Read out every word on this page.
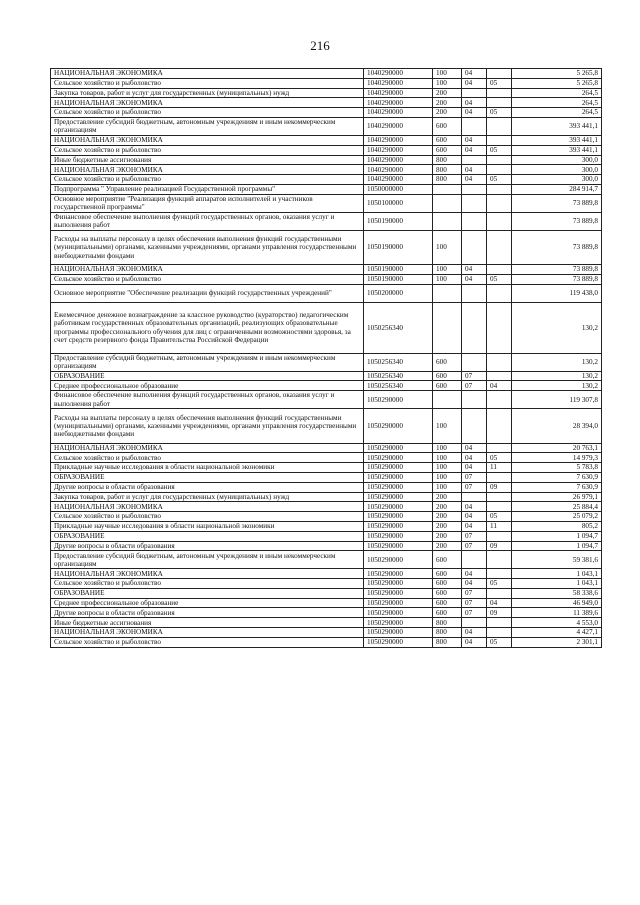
216
НАЦИОНАЛЬНАЯ ЭКОНОМИКА	1040290000	100	04		5 265,8
Сельское хозяйство и рыболовство	1040290000	100	04	05	5 265,8
Закупка товаров, работ и услуг для государственных (муниципальных) нужд	1040290000	200			264,5
НАЦИОНАЛЬНАЯ ЭКОНОМИКА	1040290000	200	04		264,5
Сельское хозяйство и рыболовство	1040290000	200	04	05	264,5
Предоставление субсидий бюджетным, автономным учреждениям и иным некоммерческим организациям	1040290000	600			393 441,1
НАЦИОНАЛЬНАЯ ЭКОНОМИКА	1040290000	600	04		393 441,1
Сельское хозяйство и рыболовство	1040290000	600	04	05	393 441,1
Иные бюджетные ассигнования	1040290000	800			300,0
НАЦИОНАЛЬНАЯ ЭКОНОМИКА	1040290000	800	04		300,0
Сельское хозяйство и рыболовство	1040290000	800	04	05	300,0
Подпрограмма " Управление реализацией Государственной программы"	1050000000				284 914,7
Основное мероприятие "Реализация функций аппаратов исполнителей и участников государственной программы"	1050100000				73 889,8
Финансовое обеспечение выполнения функций государственных органов, оказания услуг и выполнения работ	1050190000				73 889,8
Расходы на выплаты персоналу в целях обеспечения выполнения функций государственными (муниципальными) органами, казенными учреждениями, органами управления государственными внебюджетными фондами	1050190000	100			73 889,8
НАЦИОНАЛЬНАЯ ЭКОНОМИКА	1050190000	100	04		73 889,8
Сельское хозяйство и рыболовство	1050190000	100	04	05	73 889,8
Основное мероприятие "Обеспечение реализации функций государственных учреждений"	1050200000				119 438,0
Ежемесячное денежное вознаграждение за классное руководство (кураторство) педагогическим работникам государственных образовательных организаций, реализующих образовательные программы профессионального обучения для лиц с ограниченными возможностями здоровья, за счет средств резервного фонда Правительства Российской Федерации	1050256340				130,2
Предоставление субсидий бюджетным, автономным учреждениям и иным некоммерческим организациям	1050256340	600			130,2
ОБРАЗОВАНИЕ	1050256340	600	07		130,2
Среднее профессиональное образование	1050256340	600	07	04	130,2
Финансовое обеспечение выполнения функций государственных органов, оказания услуг и выполнения работ	1050290000				119 307,8
Расходы на выплаты персоналу в целях обеспечения выполнения функций государственными (муниципальными) органами, казенными учреждениями, органами управления государственными внебюджетными фондами	1050290000	100			28 394,0
НАЦИОНАЛЬНАЯ ЭКОНОМИКА	1050290000	100	04		20 763,1
Сельское хозяйство и рыболовство	1050290000	100	04	05	14 979,3
Прикладные научные исследования в области национальной экономики	1050290000	100	04	11	5 783,8
ОБРАЗОВАНИЕ	1050290000	100	07		7 630,9
Другие вопросы в области образования	1050290000	100	07	09	7 630,9
Закупка товаров, работ и услуг для государственных (муниципальных) нужд	1050290000	200			26 979,1
НАЦИОНАЛЬНАЯ ЭКОНОМИКА	1050290000	200	04		25 884,4
Сельское хозяйство и рыболовство	1050290000	200	04	05	25 079,2
Прикладные научные исследования в области национальной экономики	1050290000	200	04	11	805,2
ОБРАЗОВАНИЕ	1050290000	200	07		1 094,7
Другие вопросы в области образования	1050290000	200	07	09	1 094,7
Предоставление субсидий бюджетным, автономным учреждениям и иным некоммерческим организациям	1050290000	600			59 381,6
НАЦИОНАЛЬНАЯ ЭКОНОМИКА	1050290000	600	04		1 043,1
Сельское хозяйство и рыболовство	1050290000	600	04	05	1 043,1
ОБРАЗОВАНИЕ	1050290000	600	07		58 338,6
Среднее профессиональное образование	1050290000	600	07	04	46 949,0
Другие вопросы в области образования	1050290000	600	07	09	11 389,6
Иные бюджетные ассигнования	1050290000	800			4 553,0
НАЦИОНАЛЬНАЯ ЭКОНОМИКА	1050290000	800	04		4 427,1
Сельское хозяйство и рыболовство	1050290000	800	04	05	2 301,1
